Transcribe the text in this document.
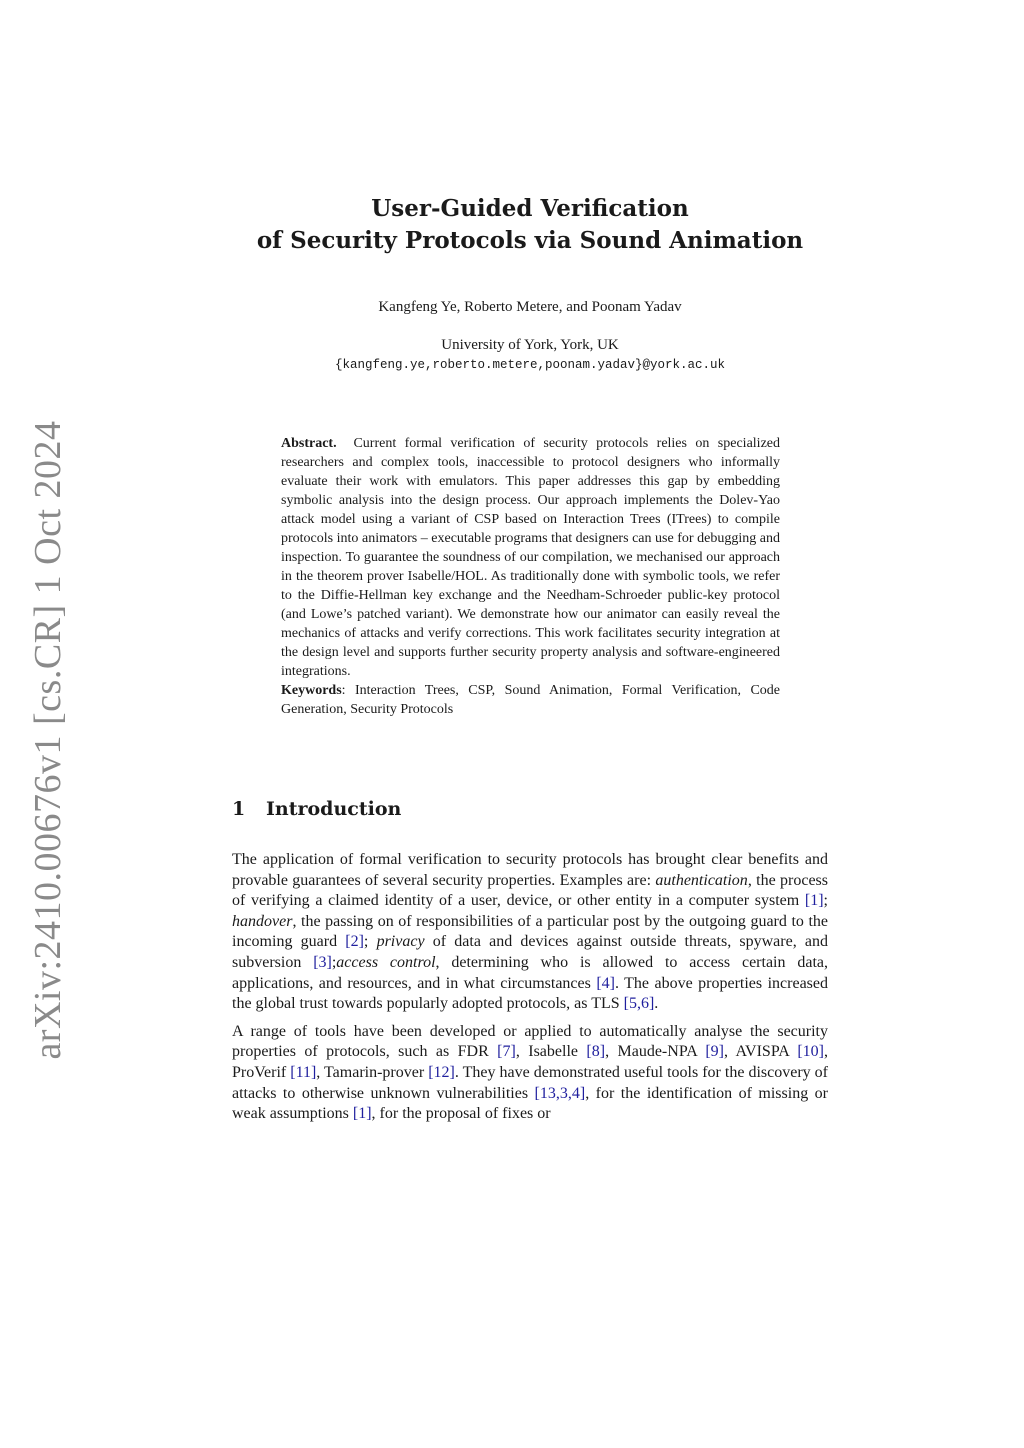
arXiv:2410.00676v1 [cs.CR] 1 Oct 2024
User-Guided Verification
of Security Protocols via Sound Animation
Kangfeng Ye, Roberto Metere, and Poonam Yadav
University of York, York, UK
{kangfeng.ye,roberto.metere,poonam.yadav}@york.ac.uk

Abstract. Current formal verification of security protocols relies on specialized researchers and complex tools, inaccessible to protocol designers who informally evaluate their work with emulators. This paper addresses this gap by embedding symbolic analysis into the design process. Our approach implements the Dolev-Yao attack model using a variant of CSP based on Interaction Trees (ITrees) to compile protocols into animators – executable programs that designers can use for debugging and inspection. To guarantee the soundness of our compilation, we mechanised our approach in the theorem prover Isabelle/HOL. As traditionally done with symbolic tools, we refer to the Diffie-Hellman key exchange and the Needham-Schroeder public-key protocol (and Lowe’s patched variant). We demonstrate how our animator can easily reveal the mechanics of attacks and verify corrections. This work facilitates security integration at the design level and supports further security property analysis and software-engineered integrations.

Keywords: Interaction Trees, CSP, Sound Animation, Formal Verification, Code Generation, Security Protocols

1 Introduction

The application of formal verification to security protocols has brought clear benefits and provable guarantees of several security properties. Examples are: authentication, the process of verifying a claimed identity of a user, device, or other entity in a computer system [1]; handover, the passing on of responsibilities of a particular post by the outgoing guard to the incoming guard [2]; privacy of data and devices against outside threats, spyware, and subversion [3];access control, determining who is allowed to access certain data, applications, and resources, and in what circumstances [4]. The above properties increased the global trust towards popularly adopted protocols, as TLS [5,6].

A range of tools have been developed or applied to automatically analyse the security properties of protocols, such as FDR [7], Isabelle [8], Maude-NPA [9], AVISPA [10], ProVerif [11], Tamarin-prover [12]. They have demonstrated useful tools for the discovery of attacks to otherwise unknown vulnerabilities [13,3,4], for the identification of missing or weak assumptions [1], for the proposal of fixes or
